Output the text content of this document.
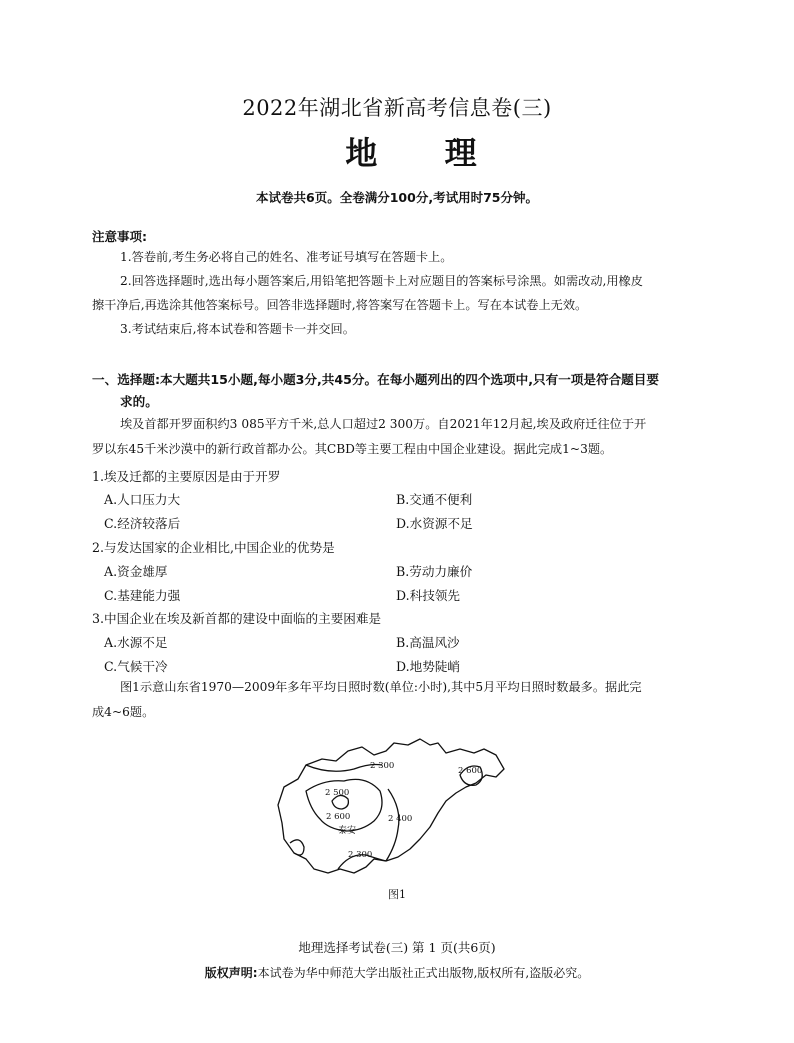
2022年湖北省新高考信息卷(三)
地 理
本试卷共6页。全卷满分100分,考试用时75分钟。
注意事项:
1.答卷前,考生务必将自己的姓名、准考证号填写在答题卡上。
2.回答选择题时,选出每小题答案后,用铅笔把答题卡上对应题目的答案标号涂黑。如需改动,用橡皮
擦干净后,再选涂其他答案标号。回答非选择题时,将答案写在答题卡上。写在本试卷上无效。
3.考试结束后,将本试卷和答题卡一并交回。
一、选择题:本大题共15小题,每小题3分,共45分。在每小题列出的四个选项中,只有一项是符合题目要
求的。
埃及首都开罗面积约3 085平方千米,总人口超过2 300万。自2021年12月起,埃及政府迁往位于开
罗以东45千米沙漠中的新行政首都办公。其CBD等主要工程由中国企业建设。据此完成1~3题。
1.埃及迁都的主要原因是由于开罗
A.人口压力大	B.交通不便利
C.经济较落后	D.水资源不足
2.与发达国家的企业相比,中国企业的优势是
A.资金雄厚	B.劳动力廉价
C.基建能力强	D.科技领先
3.中国企业在埃及新首都的建设中面临的主要困难是
A.水源不足	B.高温风沙
C.气候干冷	D.地势陡峭
图1示意山东省1970—2009年多年平均日照时数(单位:小时),其中5月平均日照时数最多。据此完
成4~6题。
2 300	2 600
2 500
2 600
泰安
2 400
2 300
图1
地理选择考试卷(三) 第 1 页(共6页)
版权声明:本试卷为华中师范大学出版社正式出版物,版权所有,盗版必究。
